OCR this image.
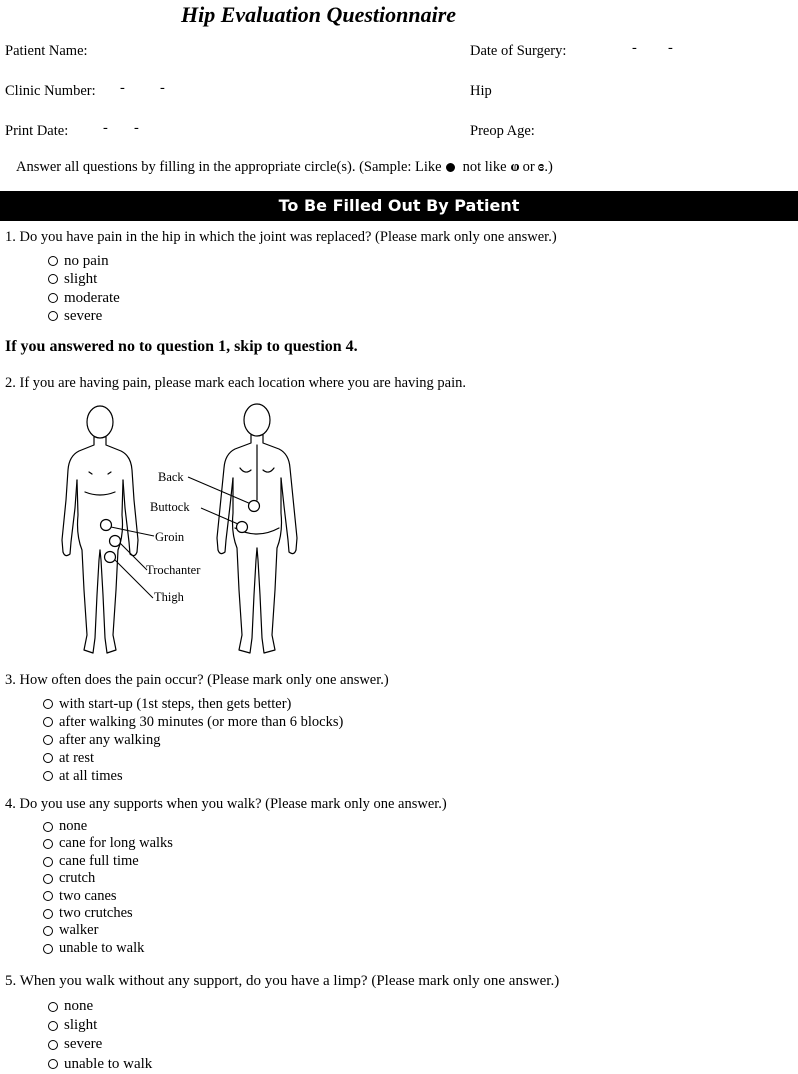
Hip Evaluation Questionnaire
Patient Name:	Date of Surgery:	- -
Clinic Number: - -	Hip
Print Date: - -	Preop Age:
Answer all questions by filling in the appropriate circle(s). (Sample: Like not like ⱷ or ɞ .)
To Be Filled Out By Patient
1. Do you have pain in the hip in which the joint was replaced? (Please mark only one answer.)
no pain
slight
moderate
severe
If you answered no to question 1, skip to question 4.
2. If you are having pain, please mark each location where you are having pain.
Back
Buttock
Groin
Trochanter
Thigh
3. How often does the pain occur? (Please mark only one answer.)
with start-up (1st steps, then gets better)
after walking 30 minutes (or more than 6 blocks)
after any walking
at rest
at all times
4. Do you use any supports when you walk? (Please mark only one answer.)
none
cane for long walks
cane full time
crutch
two canes
two crutches
walker
unable to walk
5. When you walk without any support, do you have a limp? (Please mark only one answer.)
none
slight
severe
unable to walk
